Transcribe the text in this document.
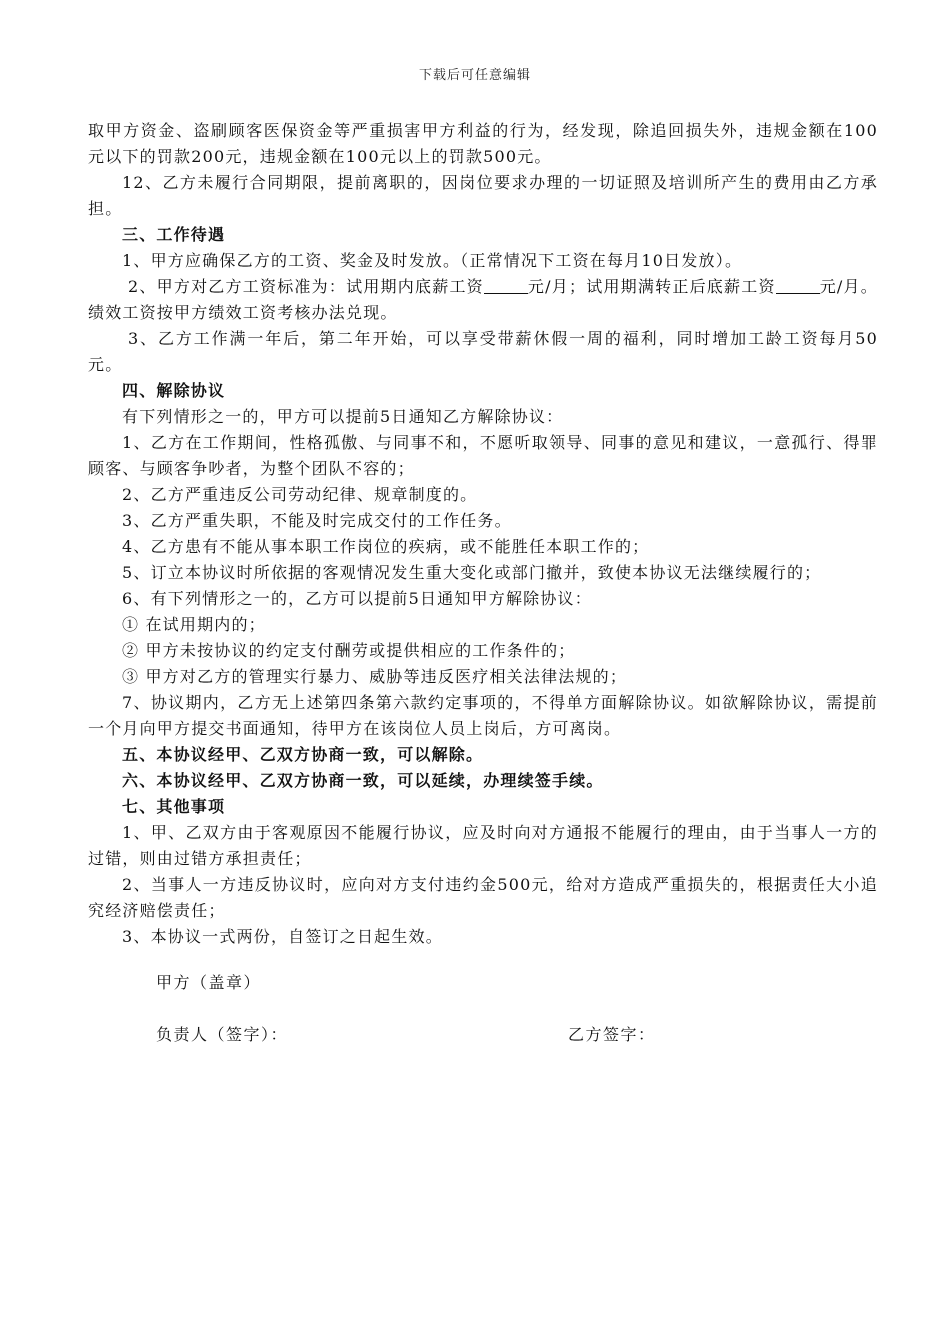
下载后可任意编辑

取甲方资金、盗刷顾客医保资金等严重损害甲方利益的行为，经发现，除追回损失外，违规金额在100元以下的罚款200元，违规金额在100元以上的罚款500元。

12、乙方未履行合同期限，提前离职的，因岗位要求办理的一切证照及培训所产生的费用由乙方承担。

三、工作待遇

1、甲方应确保乙方的工资、奖金及时发放。（正常情况下工资在每月10日发放）。

2、甲方对乙方工资标准为：试用期内底薪工资	元/月；试用期满转正后底薪工资	元/月。绩效工资按甲方绩效工资考核办法兑现。

3、乙方工作满一年后，第二年开始，可以享受带薪休假一周的福利，同时增加工龄工资每月50元。

四、解除协议

有下列情形之一的，甲方可以提前5日通知乙方解除协议：

1、乙方在工作期间，性格孤傲、与同事不和，不愿听取领导、同事的意见和建议，一意孤行、得罪顾客、与顾客争吵者，为整个团队不容的；

2、乙方严重违反公司劳动纪律、规章制度的。

3、乙方严重失职，不能及时完成交付的工作任务。

4、乙方患有不能从事本职工作岗位的疾病，或不能胜任本职工作的；

5、订立本协议时所依据的客观情况发生重大变化或部门撤并，致使本协议无法继续履行的；

6、有下列情形之一的，乙方可以提前5日通知甲方解除协议：

① 在试用期内的；

② 甲方未按协议的约定支付酬劳或提供相应的工作条件的；

③ 甲方对乙方的管理实行暴力、威胁等违反医疗相关法律法规的；

7、协议期内，乙方无上述第四条第六款约定事项的，不得单方面解除协议。如欲解除协议，需提前一个月向甲方提交书面通知，待甲方在该岗位人员上岗后，方可离岗。

五、本协议经甲、乙双方协商一致，可以解除。

六、本协议经甲、乙双方协商一致，可以延续，办理续签手续。

七、其他事项

1、甲、乙双方由于客观原因不能履行协议，应及时向对方通报不能履行的理由，由于当事人一方的过错，则由过错方承担责任；

2、当事人一方违反协议时，应向对方支付违约金500元，给对方造成严重损失的，根据责任大小追究经济赔偿责任；

3、本协议一式两份，自签订之日起生效。

甲方（盖章）
负责人（签字）：	乙方签字：
